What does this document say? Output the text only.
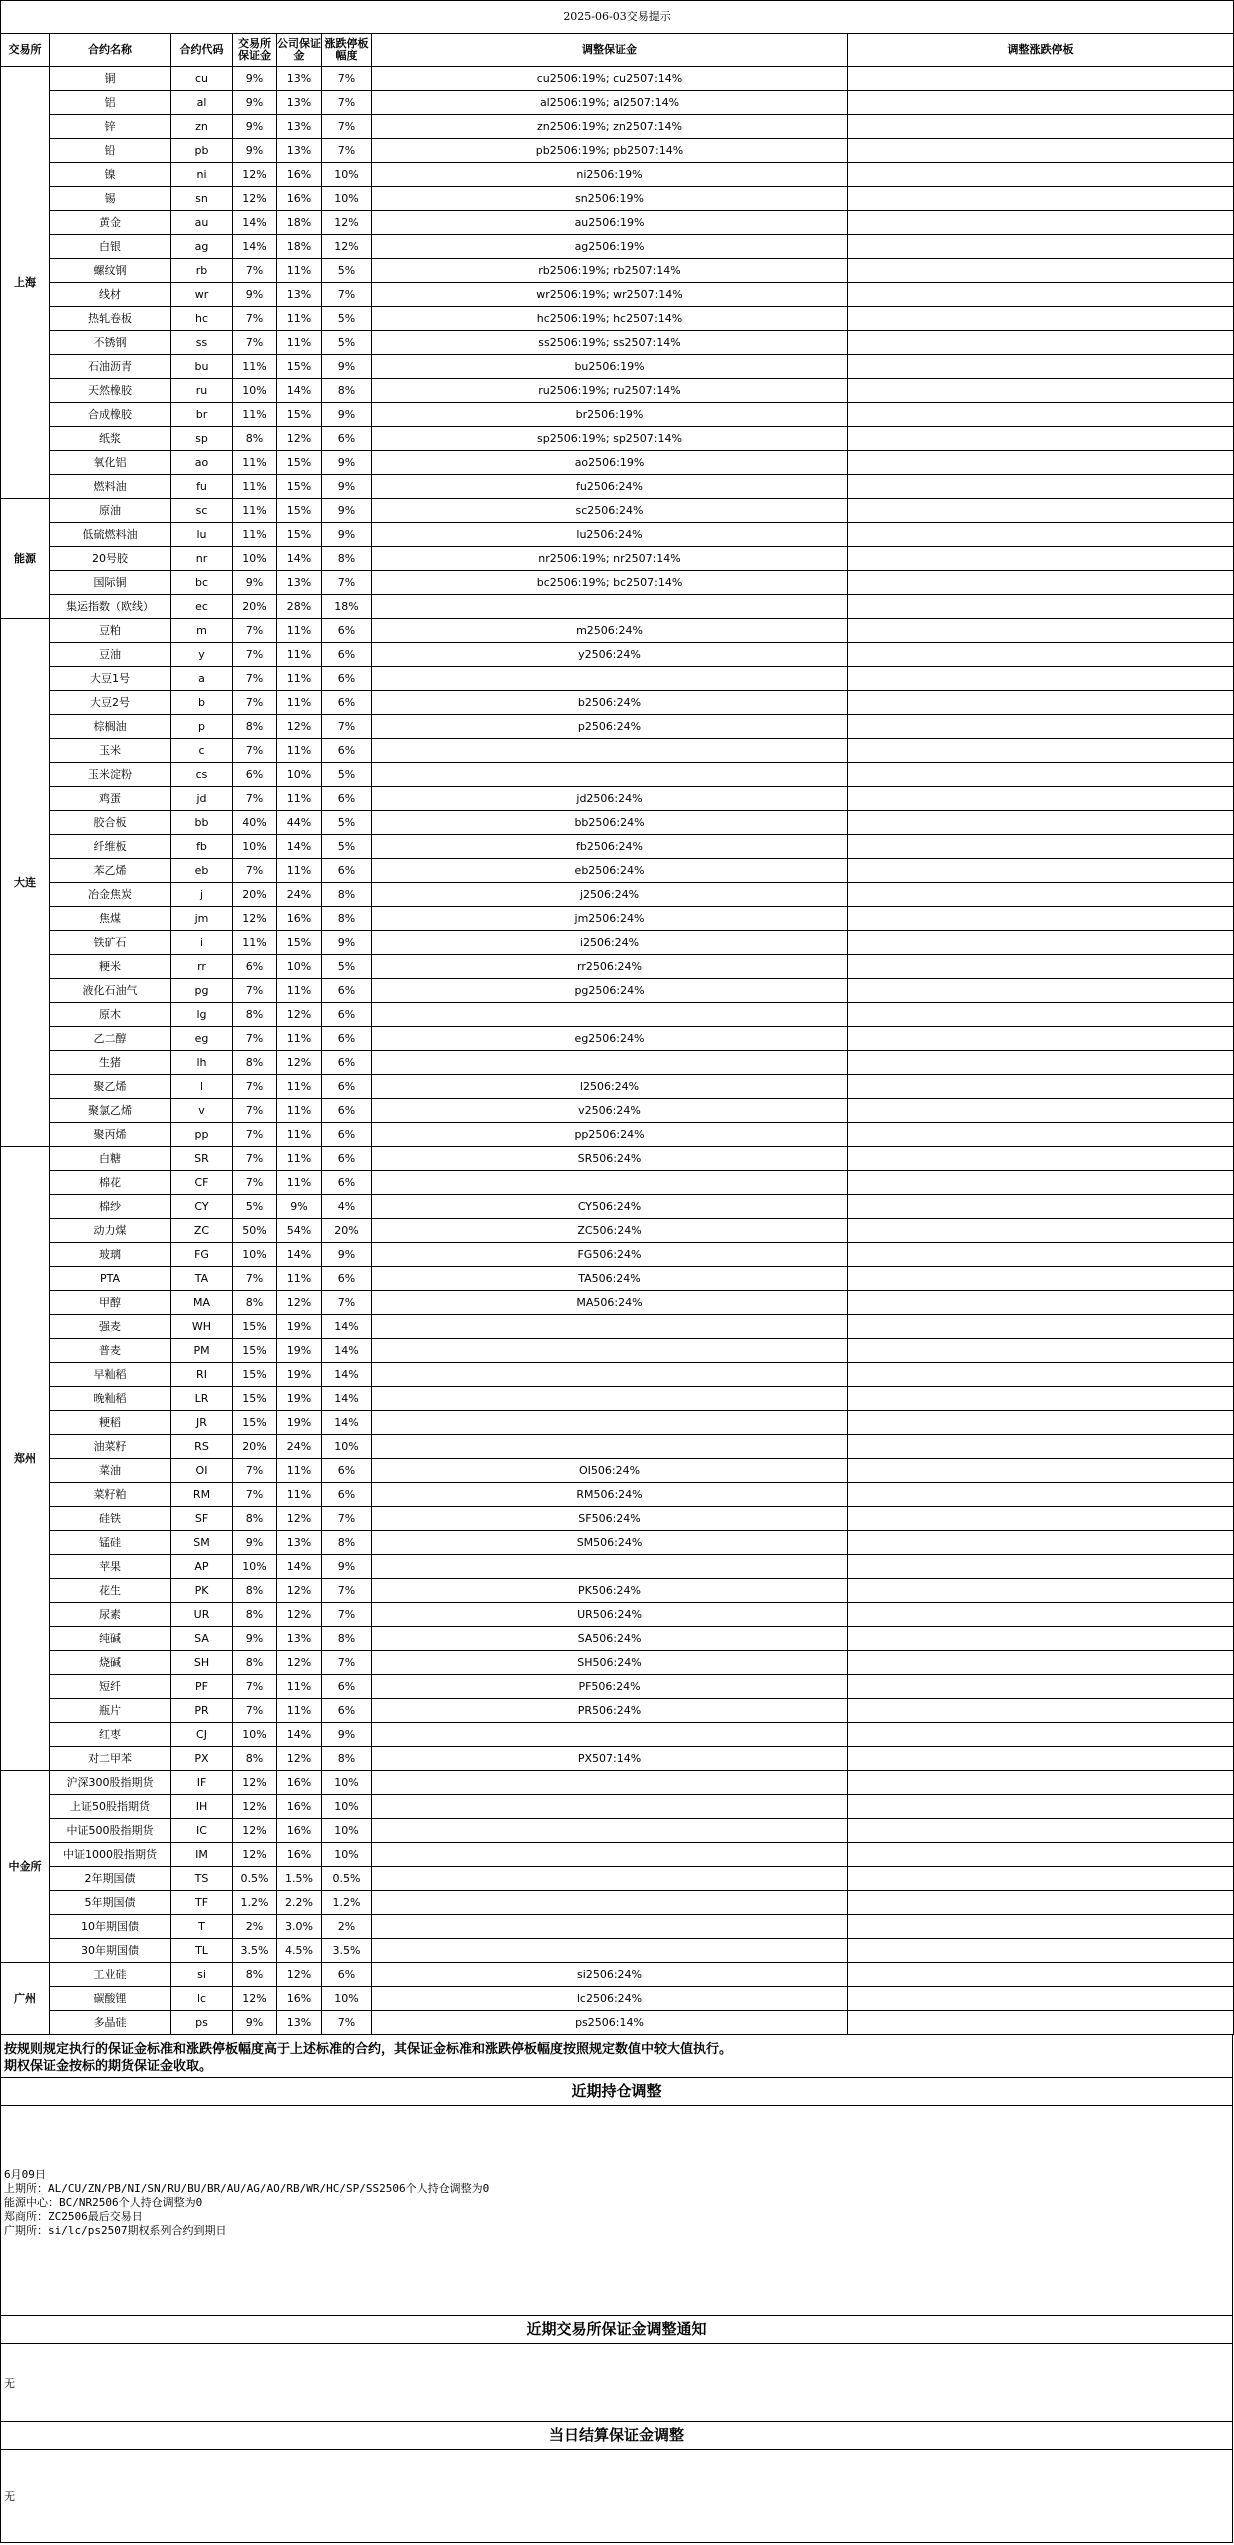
2025-06-03交易提示							
交易所	合约名称	合约代码	交易所保证金	公司保证金	涨跌停板幅度	调整保证金	调整涨跌停板
上海	铜	cu	9%	13%	7%	cu2506:19%; cu2507:14%	
	铝	al	9%	13%	7%	al2506:19%; al2507:14%	
	锌	zn	9%	13%	7%	zn2506:19%; zn2507:14%	
	铅	pb	9%	13%	7%	pb2506:19%; pb2507:14%	
	镍	ni	12%	16%	10%	ni2506:19%	
	锡	sn	12%	16%	10%	sn2506:19%	
	黄金	au	14%	18%	12%	au2506:19%	
	白银	ag	14%	18%	12%	ag2506:19%	
	螺纹钢	rb	7%	11%	5%	rb2506:19%; rb2507:14%	
	线材	wr	9%	13%	7%	wr2506:19%; wr2507:14%	
	热轧卷板	hc	7%	11%	5%	hc2506:19%; hc2507:14%	
	不锈钢	ss	7%	11%	5%	ss2506:19%; ss2507:14%	
	石油沥青	bu	11%	15%	9%	bu2506:19%	
	天然橡胶	ru	10%	14%	8%	ru2506:19%; ru2507:14%	
	合成橡胶	br	11%	15%	9%	br2506:19%	
	纸浆	sp	8%	12%	6%	sp2506:19%; sp2507:14%	
	氧化铝	ao	11%	15%	9%	ao2506:19%	
	燃料油	fu	11%	15%	9%	fu2506:24%	
能源	原油	sc	11%	15%	9%	sc2506:24%	
	低硫燃料油	lu	11%	15%	9%	lu2506:24%	
	20号胶	nr	10%	14%	8%	nr2506:19%; nr2507:14%	
	国际铜	bc	9%	13%	7%	bc2506:19%; bc2507:14%	
	集运指数（欧线）	ec	20%	28%	18%		
大连	豆粕	m	7%	11%	6%	m2506:24%	
	豆油	y	7%	11%	6%	y2506:24%	
	大豆1号	a	7%	11%	6%		
	大豆2号	b	7%	11%	6%	b2506:24%	
	棕榈油	p	8%	12%	7%	p2506:24%	
	玉米	c	7%	11%	6%		
	玉米淀粉	cs	6%	10%	5%		
	鸡蛋	jd	7%	11%	6%	jd2506:24%	
	胶合板	bb	40%	44%	5%	bb2506:24%	
	纤维板	fb	10%	14%	5%	fb2506:24%	
	苯乙烯	eb	7%	11%	6%	eb2506:24%	
	冶金焦炭	j	20%	24%	8%	j2506:24%	
	焦煤	jm	12%	16%	8%	jm2506:24%	
	铁矿石	i	11%	15%	9%	i2506:24%	
	粳米	rr	6%	10%	5%	rr2506:24%	
	液化石油气	pg	7%	11%	6%	pg2506:24%	
	原木	lg	8%	12%	6%		
	乙二醇	eg	7%	11%	6%	eg2506:24%	
	生猪	lh	8%	12%	6%		
	聚乙烯	l	7%	11%	6%	l2506:24%	
	聚氯乙烯	v	7%	11%	6%	v2506:24%	
	聚丙烯	pp	7%	11%	6%	pp2506:24%	
郑州	白糖	SR	7%	11%	6%	SR506:24%	
	棉花	CF	7%	11%	6%		
	棉纱	CY	5%	9%	4%	CY506:24%	
	动力煤	ZC	50%	54%	20%	ZC506:24%	
	玻璃	FG	10%	14%	9%	FG506:24%	
	PTA	TA	7%	11%	6%	TA506:24%	
	甲醇	MA	8%	12%	7%	MA506:24%	
	强麦	WH	15%	19%	14%		
	普麦	PM	15%	19%	14%		
	早籼稻	RI	15%	19%	14%		
	晚籼稻	LR	15%	19%	14%		
	粳稻	JR	15%	19%	14%		
	油菜籽	RS	20%	24%	10%		
	菜油	OI	7%	11%	6%	OI506:24%	
	菜籽粕	RM	7%	11%	6%	RM506:24%	
	硅铁	SF	8%	12%	7%	SF506:24%	
	锰硅	SM	9%	13%	8%	SM506:24%	
	苹果	AP	10%	14%	9%		
	花生	PK	8%	12%	7%	PK506:24%	
	尿素	UR	8%	12%	7%	UR506:24%	
	纯碱	SA	9%	13%	8%	SA506:24%	
	烧碱	SH	8%	12%	7%	SH506:24%	
	短纤	PF	7%	11%	6%	PF506:24%	
	瓶片	PR	7%	11%	6%	PR506:24%	
	红枣	CJ	10%	14%	9%		
	对二甲苯	PX	8%	12%	8%	PX507:14%	
中金所	沪深300股指期货	IF	12%	16%	10%		
	上证50股指期货	IH	12%	16%	10%		
	中证500股指期货	IC	12%	16%	10%		
	中证1000股指期货	IM	12%	16%	10%		
	2年期国债	TS	0.5%	1.5%	0.5%		
	5年期国债	TF	1.2%	2.2%	1.2%		
	10年期国债	T	2%	3.0%	2%		
	30年期国债	TL	3.5%	4.5%	3.5%		
广州	工业硅	si	8%	12%	6%	si2506:24%	
	碳酸锂	lc	12%	16%	10%	lc2506:24%	
	多晶硅	ps	9%	13%	7%	ps2506:14%	
按规则规定执行的保证金标准和涨跌停板幅度高于上述标准的合约，其保证金标准和涨跌停板幅度按照规定数值中较大值执行。
期权保证金按标的期货保证金收取。
近期持仓调整
6月09日
上期所：AL/CU/ZN/PB/NI/SN/RU/BU/BR/AU/AG/AO/RB/WR/HC/SP/SS2506个人持仓调整为0
能源中心：BC/NR2506个人持仓调整为0
郑商所：ZC2506最后交易日
广期所：si/lc/ps2507期权系列合约到期日
近期交易所保证金调整通知
无
当日结算保证金调整
无
